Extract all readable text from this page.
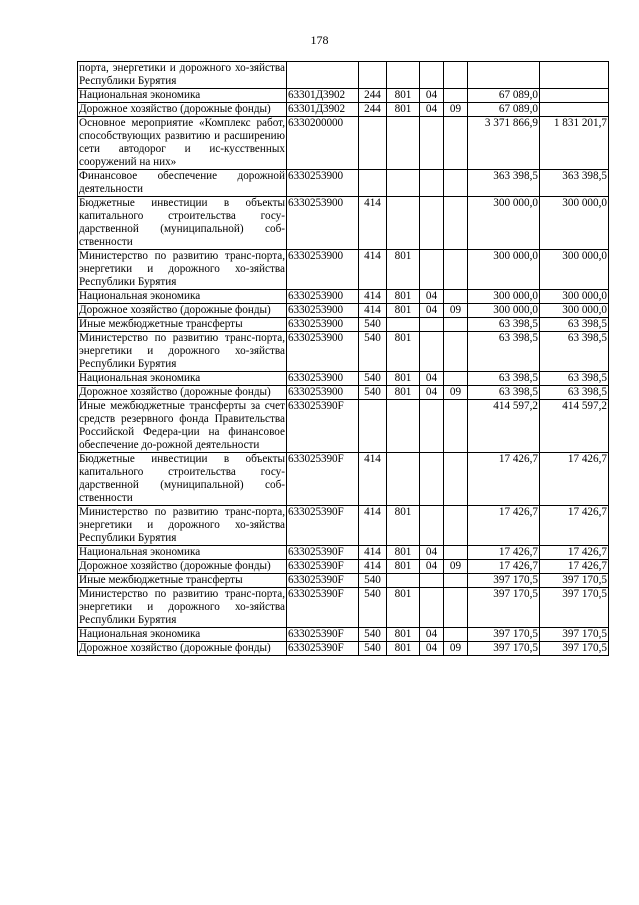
178
порта, энергетики и дорожного хо-зяйства Республики Бурятия							
Национальная экономика	63301Д3902	244	801	04		67 089,0	
Дорожное хозяйство (дорожные фонды)	63301Д3902	244	801	04	09	67 089,0	
Основное мероприятие «Комплекс работ, способствующих развитию и расширению сети автодорог и ис-кусственных сооружений на них»	6330200000					3 371 866,9	1 831 201,7
Финансовое обеспечение дорожной деятельности	6330253900					363 398,5	363 398,5
Бюджетные инвестиции в объекты капитального строительства госу-дарственной (муниципальной) соб-ственности	6330253900	414				300 000,0	300 000,0
Министерство по развитию транс-порта, энергетики и дорожного хо-зяйства Республики Бурятия	6330253900	414	801			300 000,0	300 000,0
Национальная экономика	6330253900	414	801	04		300 000,0	300 000,0
Дорожное хозяйство (дорожные фонды)	6330253900	414	801	04	09	300 000,0	300 000,0
Иные межбюджетные трансферты	6330253900	540				63 398,5	63 398,5
Министерство по развитию транс-порта, энергетики и дорожного хо-зяйства Республики Бурятия	6330253900	540	801			63 398,5	63 398,5
Национальная экономика	6330253900	540	801	04		63 398,5	63 398,5
Дорожное хозяйство (дорожные фонды)	6330253900	540	801	04	09	63 398,5	63 398,5
Иные межбюджетные трансферты за счет средств резервного фонда Правительства Российской Федера-ции на финансовое обеспечение до-рожной деятельности	633025390F					414 597,2	414 597,2
Бюджетные инвестиции в объекты капитального строительства госу-дарственной (муниципальной) соб-ственности	633025390F	414				17 426,7	17 426,7
Министерство по развитию транс-порта, энергетики и дорожного хо-зяйства Республики Бурятия	633025390F	414	801			17 426,7	17 426,7
Национальная экономика	633025390F	414	801	04		17 426,7	17 426,7
Дорожное хозяйство (дорожные фонды)	633025390F	414	801	04	09	17 426,7	17 426,7
Иные межбюджетные трансферты	633025390F	540				397 170,5	397 170,5
Министерство по развитию транс-порта, энергетики и дорожного хо-зяйства Республики Бурятия	633025390F	540	801			397 170,5	397 170,5
Национальная экономика	633025390F	540	801	04		397 170,5	397 170,5
Дорожное хозяйство (дорожные фонды)	633025390F	540	801	04	09	397 170,5	397 170,5
